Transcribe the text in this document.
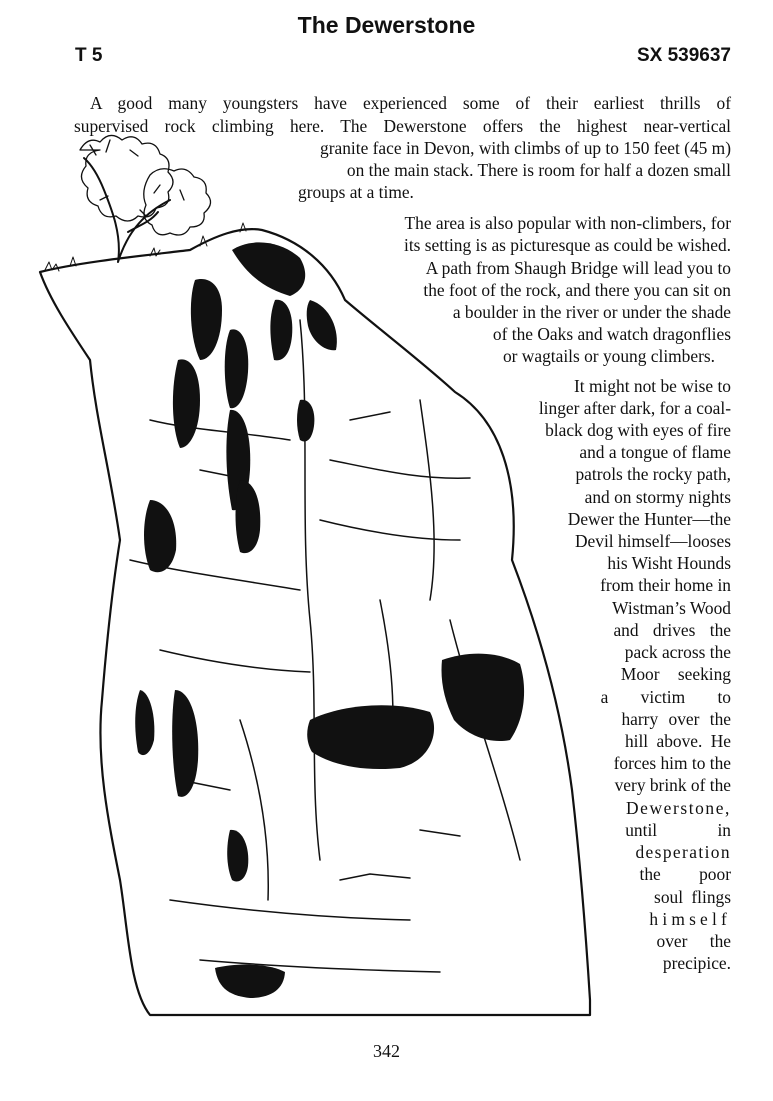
The Dewerstone
T 5	SX 539637
A good many youngsters have experienced some of their earliest thrills of
supervised rock climbing here. The Dewerstone offers the highest near-vertical
granite face in Devon, with climbs of up to 150 feet (45 m)
on the main stack. There is room for half a dozen small
groups at a time.
The area is also popular with non-climbers, for
its setting is as picturesque as could be wished.
A path from Shaugh Bridge will lead you to
the foot of the rock, and there you can sit on
a boulder in the river or under the shade
of the Oaks and watch dragonflies
or wagtails or young climbers.
It might not be wise to
linger after dark, for a coal-
black dog with eyes of fire
and a tongue of flame
patrols the rocky path,
and on stormy nights
Dewer the Hunter—the
Devil himself—looses
his Wisht Hounds
from their home in
Wistman’s Wood
and drives the
pack across the
Moor seeking
a victim to
harry over the
hill above. He
forces him to the
very brink of the
Dewerstone,
until in
desperation
the poor
soul flings
himself
over the
precipice.
342
